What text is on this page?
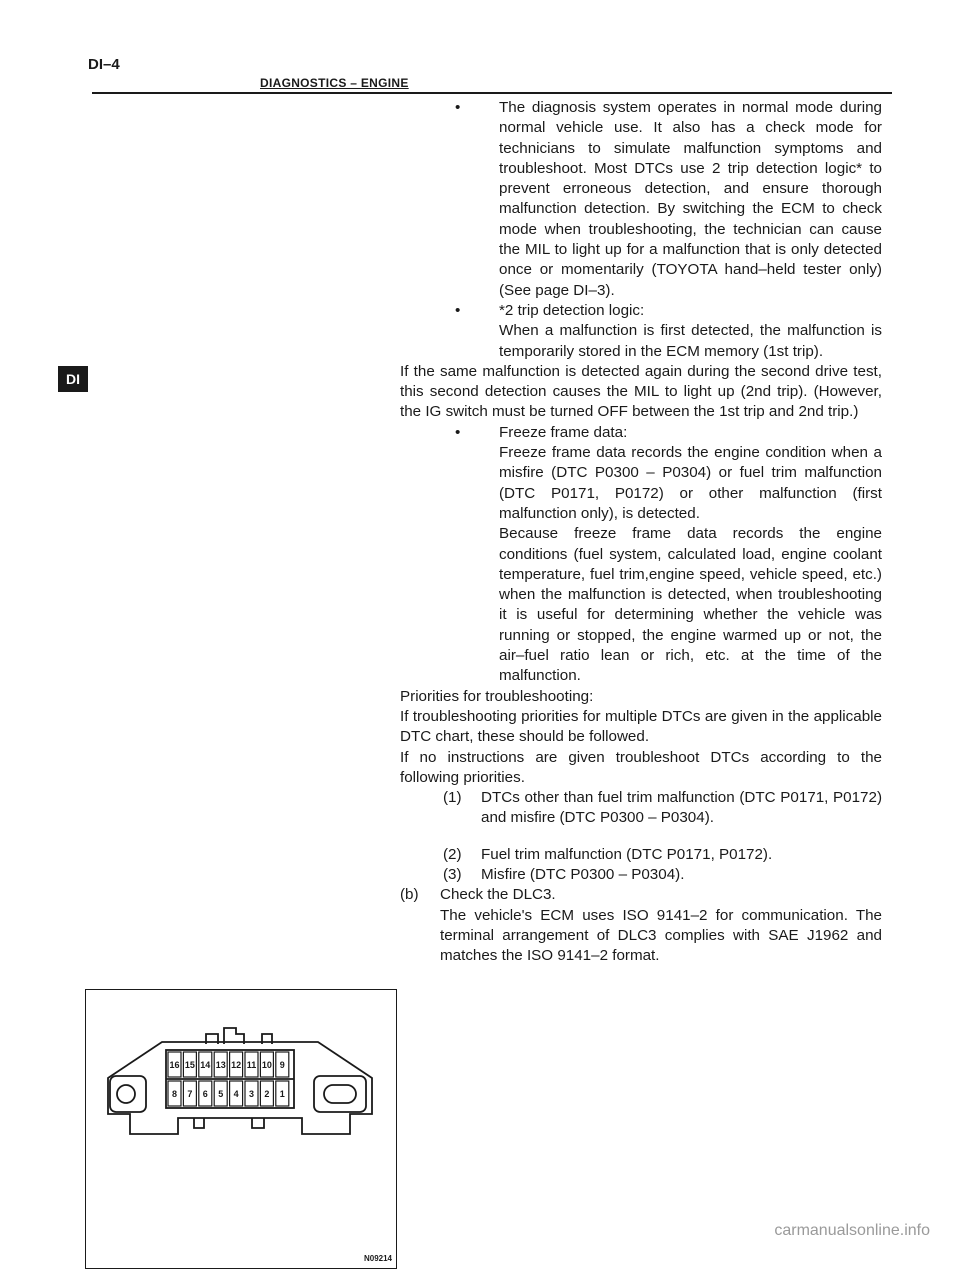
DI–4
DIAGNOSTICS – ENGINE
DI
•	The diagnosis system operates in normal mode during normal vehicle use. It also has a check mode for technicians to simulate malfunction symptoms and troubleshoot. Most DTCs use 2 trip detection logic* to prevent erroneous detection, and ensure thorough malfunction detection. By switching the ECM to check mode when troubleshooting, the technician can cause the MIL to light up for a malfunction that is only detected once or momentarily (TOYOTA hand–held tester only) (See page DI–3).

•	*2 trip detection logic:

When a malfunction is first detected, the malfunction is temporarily stored in the ECM memory (1st trip).

If the same malfunction is detected again during the second drive test, this second detection causes the MIL to light up (2nd trip). (However, the IG switch must be turned OFF between the 1st trip and 2nd trip.)

•	Freeze frame data:

Freeze frame data records the engine condition when a misfire (DTC P0300 – P0304) or fuel trim malfunction (DTC P0171, P0172) or other malfunction (first malfunction only), is detected.

Because freeze frame data records the engine conditions (fuel system, calculated load, engine coolant temperature, fuel trim,engine speed, vehicle speed, etc.) when the malfunction is detected, when troubleshooting it is useful for determining whether the vehicle was running or stopped, the engine warmed up or not, the air–fuel ratio lean or rich, etc. at the time of the malfunction.

Priorities for troubleshooting:

If troubleshooting priorities for multiple DTCs are given in the applicable DTC chart, these should be followed.

If no instructions are given troubleshoot DTCs according to the following priorities.

(1) DTCs other than fuel trim malfunction (DTC P0171, P0172) and misfire (DTC P0300 – P0304).

(2) Fuel trim malfunction (DTC P0171, P0172).

(3) Misfire (DTC P0300 – P0304).

(b) Check the DLC3.

The vehicle's ECM uses ISO 9141–2 for communication. The terminal arrangement of DLC3 complies with SAE J1962 and matches the ISO 9141–2 format.

16 15 14 13 12 11 10 9
8 7 6 5 4 3 2 1
N09214
carmanualsonline.info
